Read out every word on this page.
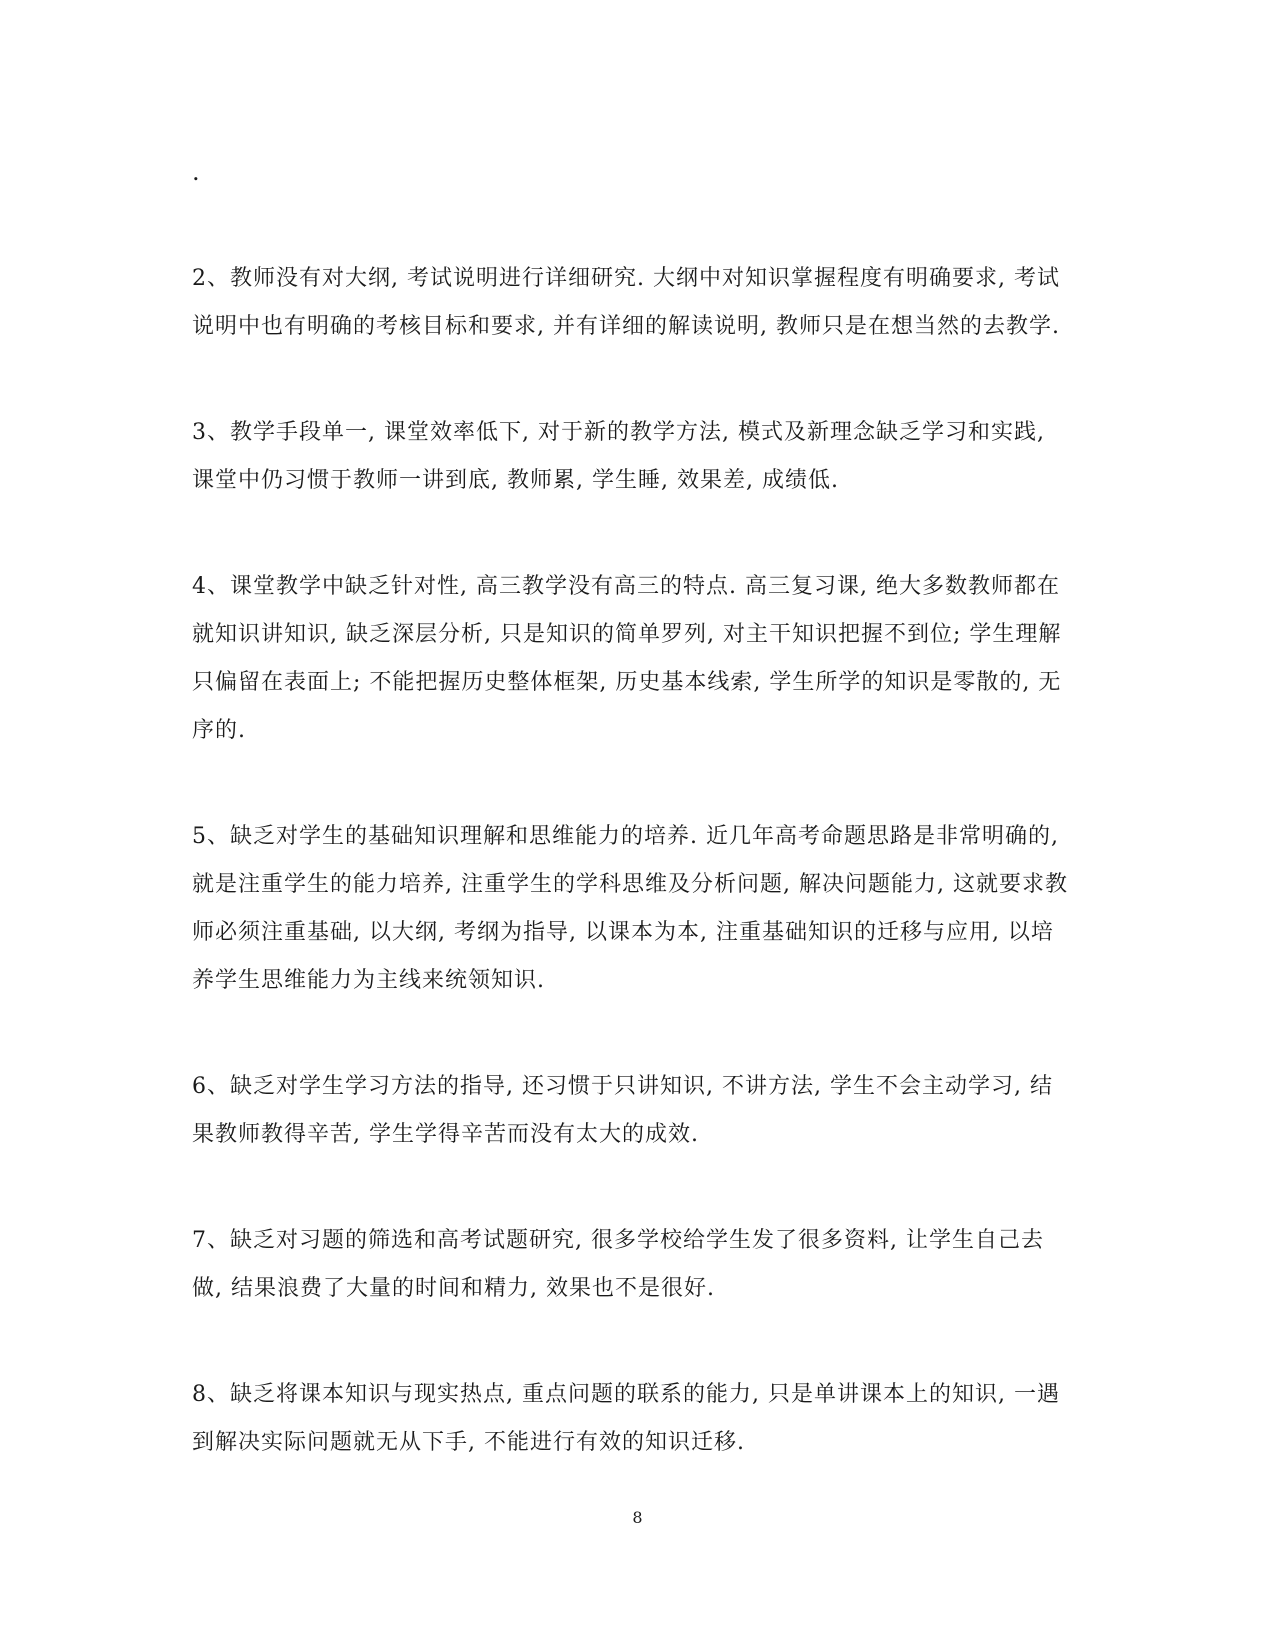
.

2、教师没有对大纲, 考试说明进行详细研究. 大纲中对知识掌握程度有明确要求, 考试说明中也有明确的考核目标和要求, 并有详细的解读说明, 教师只是在想当然的去教学.

3、教学手段单一, 课堂效率低下, 对于新的教学方法, 模式及新理念缺乏学习和实践, 课堂中仍习惯于教师一讲到底, 教师累, 学生睡, 效果差, 成绩低.

4、课堂教学中缺乏针对性, 高三教学没有高三的特点. 高三复习课, 绝大多数教师都在就知识讲知识, 缺乏深层分析, 只是知识的简单罗列, 对主干知识把握不到位; 学生理解只偏留在表面上; 不能把握历史整体框架, 历史基本线索, 学生所学的知识是零散的, 无序的.

5、缺乏对学生的基础知识理解和思维能力的培养. 近几年高考命题思路是非常明确的, 就是注重学生的能力培养, 注重学生的学科思维及分析问题, 解决问题能力, 这就要求教师必须注重基础, 以大纲, 考纲为指导, 以课本为本, 注重基础知识的迁移与应用, 以培养学生思维能力为主线来统领知识.

6、缺乏对学生学习方法的指导, 还习惯于只讲知识, 不讲方法, 学生不会主动学习, 结果教师教得辛苦, 学生学得辛苦而没有太大的成效.

7、缺乏对习题的筛选和高考试题研究, 很多学校给学生发了很多资料, 让学生自己去做, 结果浪费了大量的时间和精力, 效果也不是很好.

8、缺乏将课本知识与现实热点, 重点问题的联系的能力, 只是单讲课本上的知识, 一遇到解决实际问题就无从下手, 不能进行有效的知识迁移.

8
